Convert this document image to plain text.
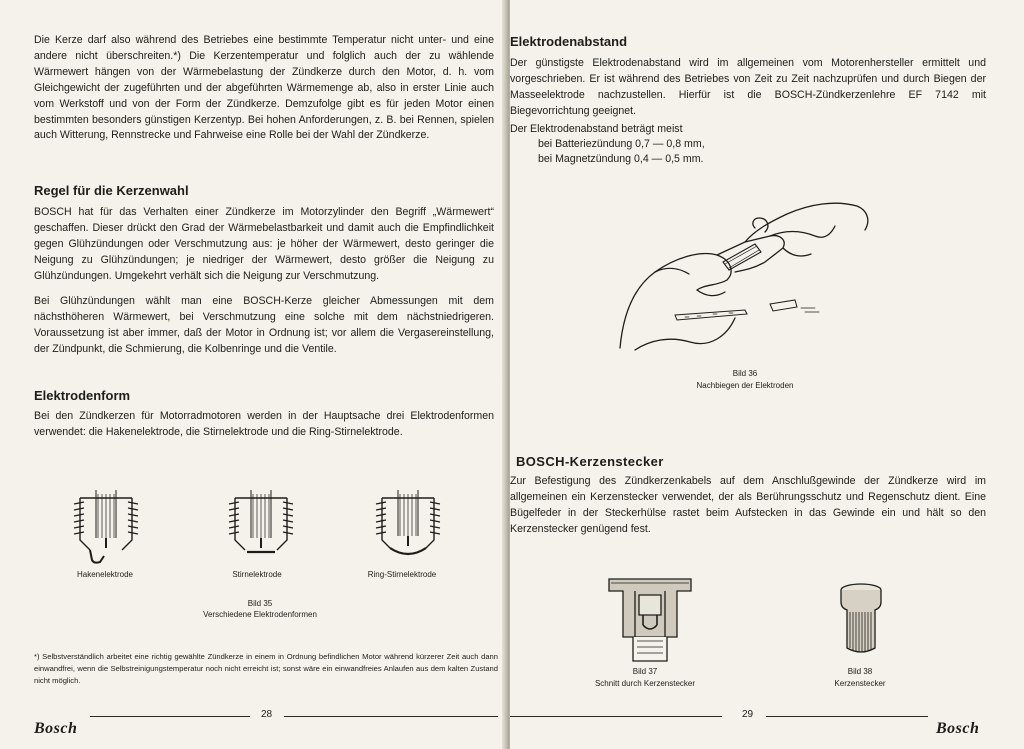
Die Kerze darf also während des Betriebes eine bestimmte Temperatur nicht unter- und eine andere nicht überschreiten.*) Die Kerzentemperatur und folglich auch der zu wählende Wärmewert hängen von der Wärmebelastung der Zündkerze durch den Motor, d. h. vom Gleichgewicht der zugeführten und der abgeführten Wärmemenge ab, also in erster Linie auch vom Werkstoff und von der Form der Zündkerze. Demzufolge gibt es für jeden Motor einen bestimmten besonders günstigen Kerzentyp. Bei hohen Anforderungen, z. B. bei Rennen, spielen auch Witterung, Rennstrecke und Fahrweise eine Rolle bei der Wahl der Zündkerze.

Regel für die Kerzenwahl

BOSCH hat für das Verhalten einer Zündkerze im Motorzylinder den Begriff „Wärmewert“ geschaffen. Dieser drückt den Grad der Wärmebelastbarkeit und damit auch die Empfindlichkeit gegen Glühzündungen oder Verschmutzung aus: je höher der Wärmewert, desto geringer die Neigung zu Glühzündungen; je niedriger der Wärmewert, desto größer die Neigung zu Glühzündungen. Umgekehrt verhält sich die Neigung zur Verschmutzung.

Bei Glühzündungen wählt man eine BOSCH-Kerze gleicher Abmessungen mit dem nächsthöheren Wärmewert, bei Verschmutzung eine solche mit dem nächstniedrigeren. Voraussetzung ist aber immer, daß der Motor in Ordnung ist; vor allem die Vergasereinstellung, der Zündpunkt, die Schmierung, die Kolbenringe und die Ventile.

Elektrodenform

Bei den Zündkerzen für Motorradmotoren werden in der Hauptsache drei Elektrodenformen verwendet: die Hakenelektrode, die Stirnelektrode und die Ring-Stirnelektrode.

Hakenelektrode	Stirnelektrode	Ring-Stirnelektrode
Bild 35
Verschiedene Elektrodenformen

*) Selbstverständlich arbeitet eine richtig gewählte Zündkerze in einem in Ordnung befindlichen Motor während kürzerer Zeit auch dann einwandfrei, wenn die Selbstreinigungstemperatur noch nicht erreicht ist; sonst wäre ein einwandfreies Anlaufen aus dem kalten Zustand nicht möglich.

Bosch
28
Elektrodenabstand

Der günstigste Elektrodenabstand wird im allgemeinen vom Motorenhersteller ermittelt und vorgeschrieben. Er ist während des Betriebes von Zeit zu Zeit nachzuprüfen und durch Biegen der Masseelektrode nachzustellen. Hierfür ist die BOSCH-Zündkerzenlehre EF 7142 mit Biegevorrichtung geeignet.

Der Elektrodenabstand beträgt meist

bei Batteriezündung 0,7 — 0,8 mm,

bei Magnetzündung 0,4 — 0,5 mm.

Bild 36
Nachbiegen der Elektroden
BOSCH-Kerzenstecker

Zur Befestigung des Zündkerzenkabels auf dem Anschlußgewinde der Zündkerze wird im allgemeinen ein Kerzenstecker verwendet, der als Berührungsschutz und Regenschutz dient. Eine Bügelfeder in der Steckerhülse rastet beim Aufstecken in das Gewinde ein und hält so den Kerzenstecker genügend fest.

Bild 37
Schnitt durch Kerzenstecker
Bild 38
Kerzenstecker
29
Bosch
